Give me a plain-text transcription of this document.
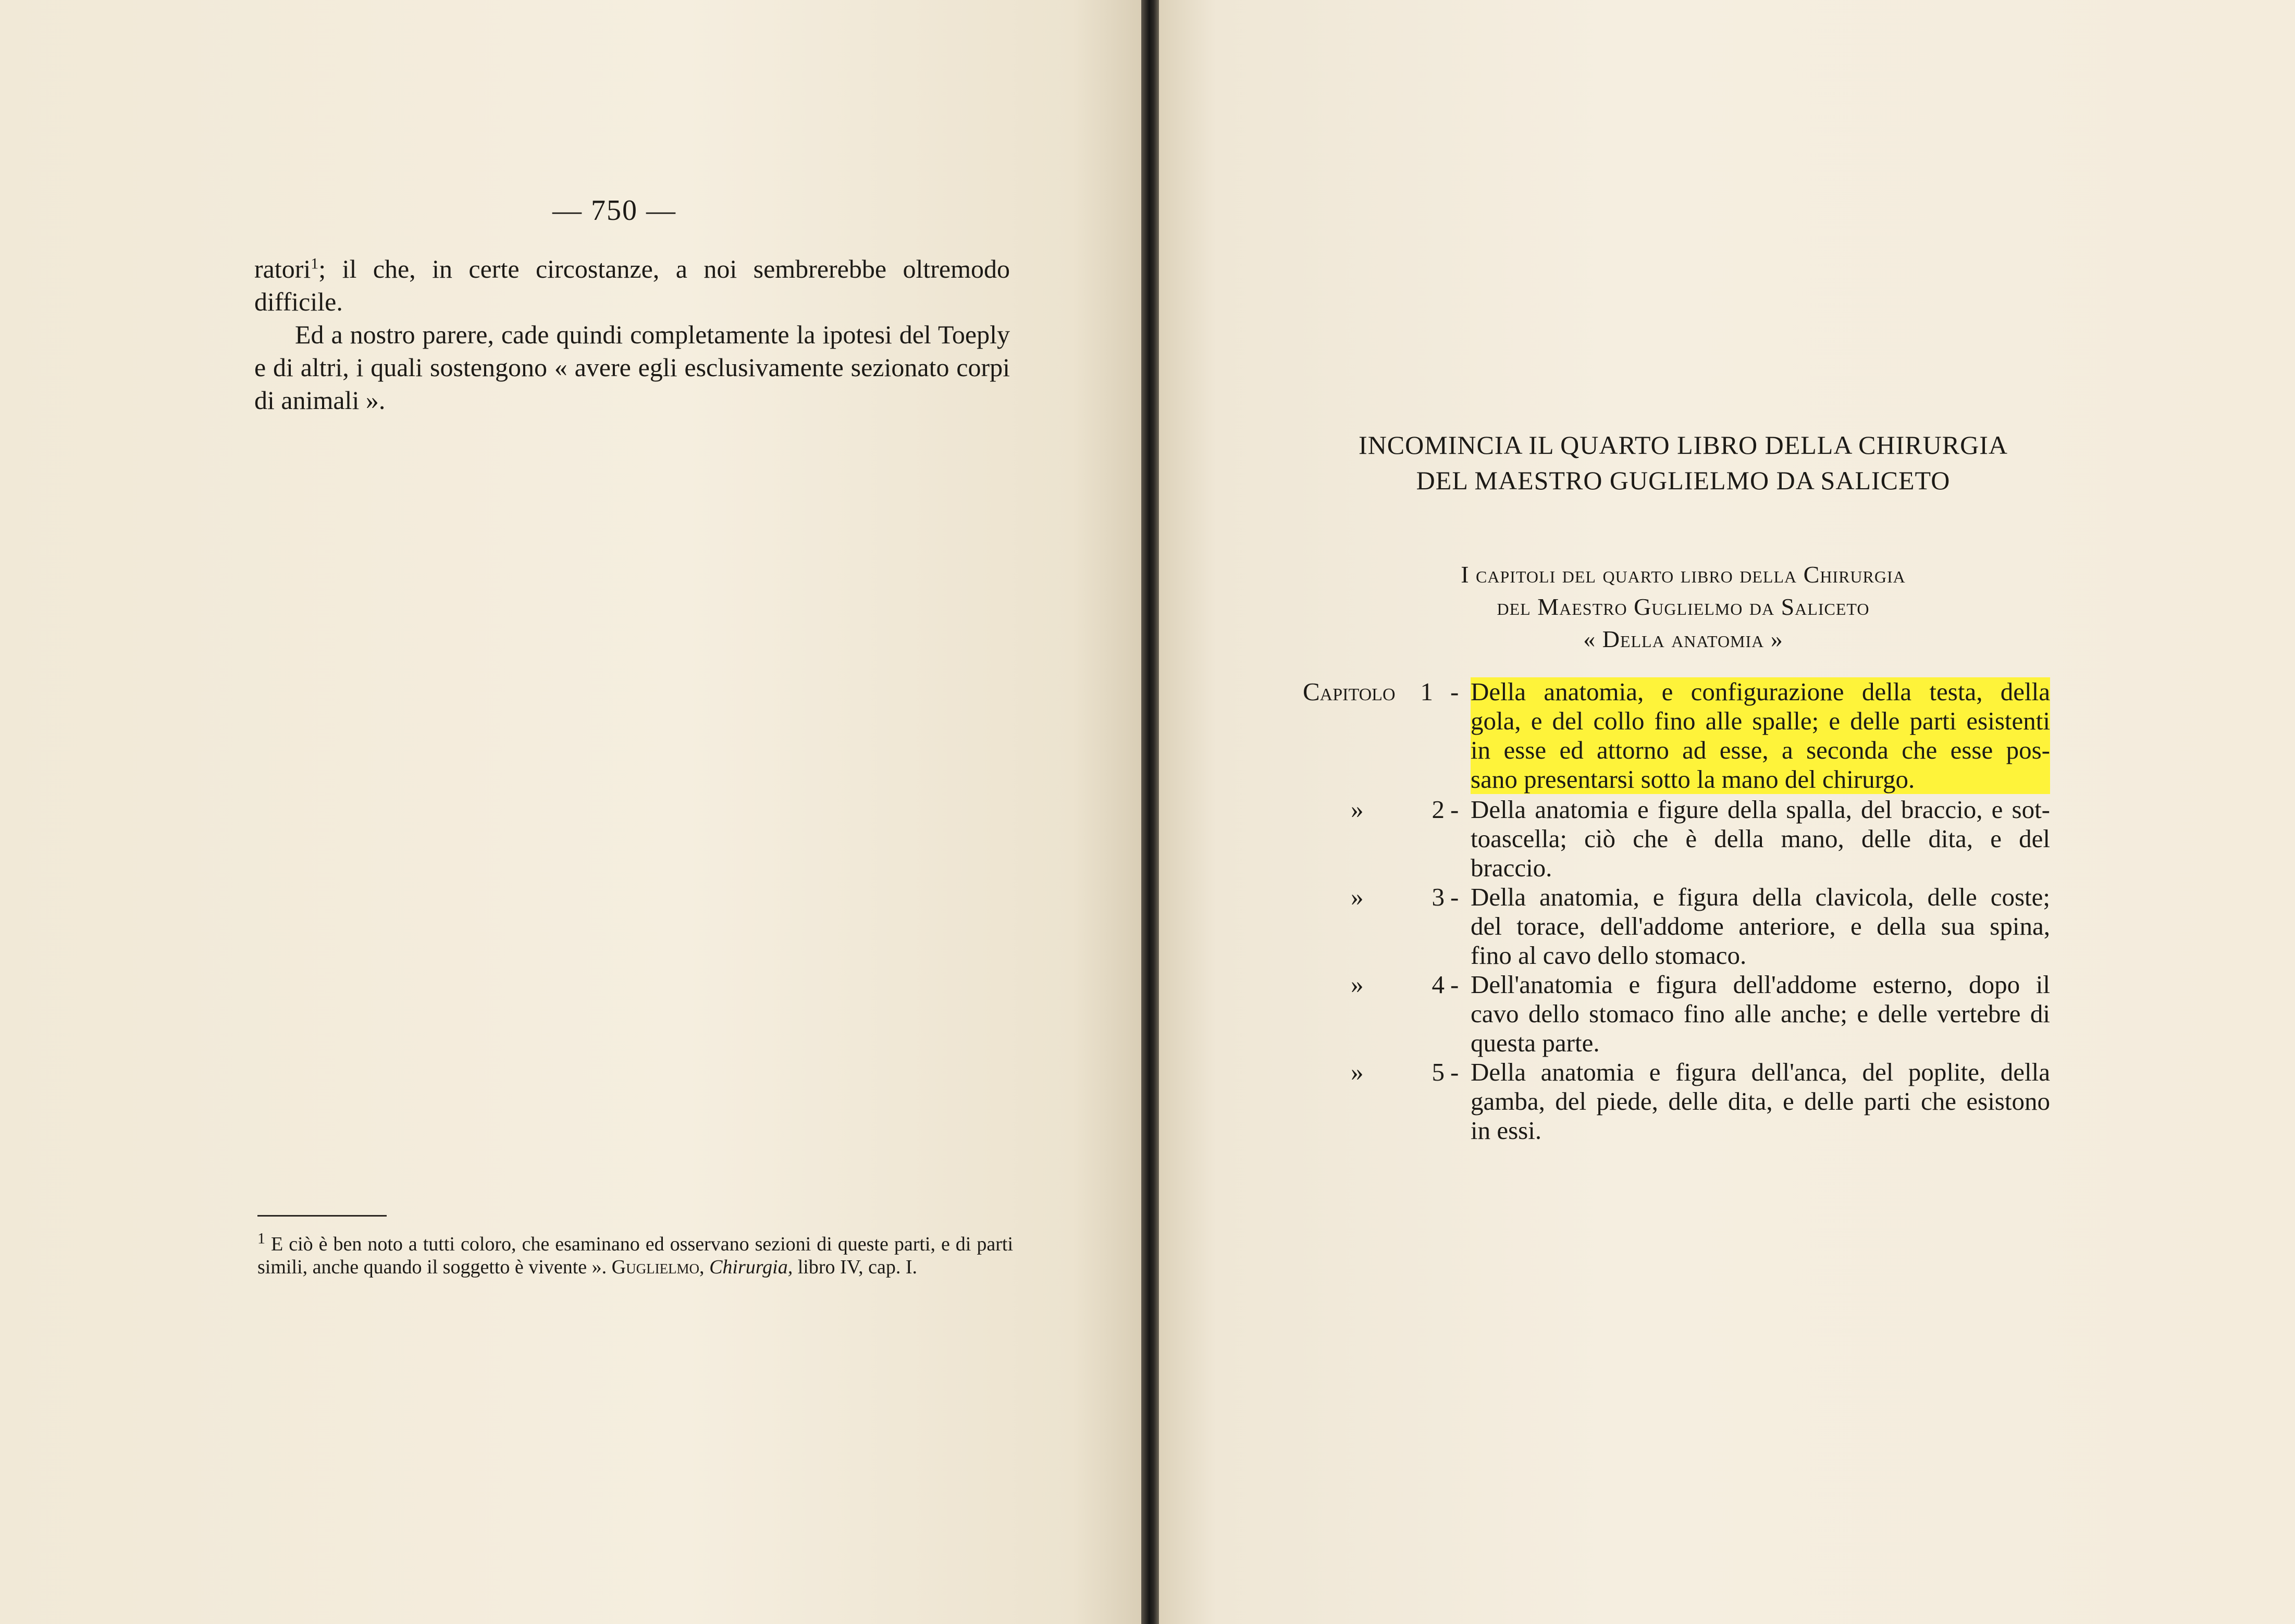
— 750 —

ratori$^1$; il che, in certe circostanze, a noi sembrerebbe oltremodo difficile.

Ed a nostro parere, cade quindi completamente la ipotesi del Toeply e di altri, i quali sostengono « avere egli esclusivamente sezionato corpi di animali ».

$^1$ E ciò è ben noto a tutti coloro, che esaminano ed osservano sezioni di queste parti, e di parti simili, anche quando il soggetto è vivente ». Guglielmo, Chirurgia, libro IV, cap. I.
INCOMINCIA IL QUARTO LIBRO DELLA CHIRURGIA
DEL MAESTRO GUGLIELMO DA SALICETO
I capitoli del quarto libro della Chirurgia
del Maestro Guglielmo da Saliceto
« Della anatomia »
Capitolo 1 - Della anatomia, e configurazione della testa, della
gola, e del collo fino alle spalle; e delle parti esistenti
in esse ed attorno ad esse, a seconda che esse pos-
sano presentarsi sotto la mano del chirurgo.
»	2 - Della anatomia e figure della spalla, del braccio, e sot-
toascella; ciò che è della mano, delle dita, e del
braccio.
»	3 - Della anatomia, e figura della clavicola, delle coste;
del torace, dell'addome anteriore, e della sua spina,
fino al cavo dello stomaco.
»	4 - Dell'anatomia e figura dell'addome esterno, dopo il
cavo dello stomaco fino alle anche; e delle vertebre di
questa parte.
»	5 - Della anatomia e figura dell'anca, del poplite, della
gamba, del piede, delle dita, e delle parti che esistono
in essi.
